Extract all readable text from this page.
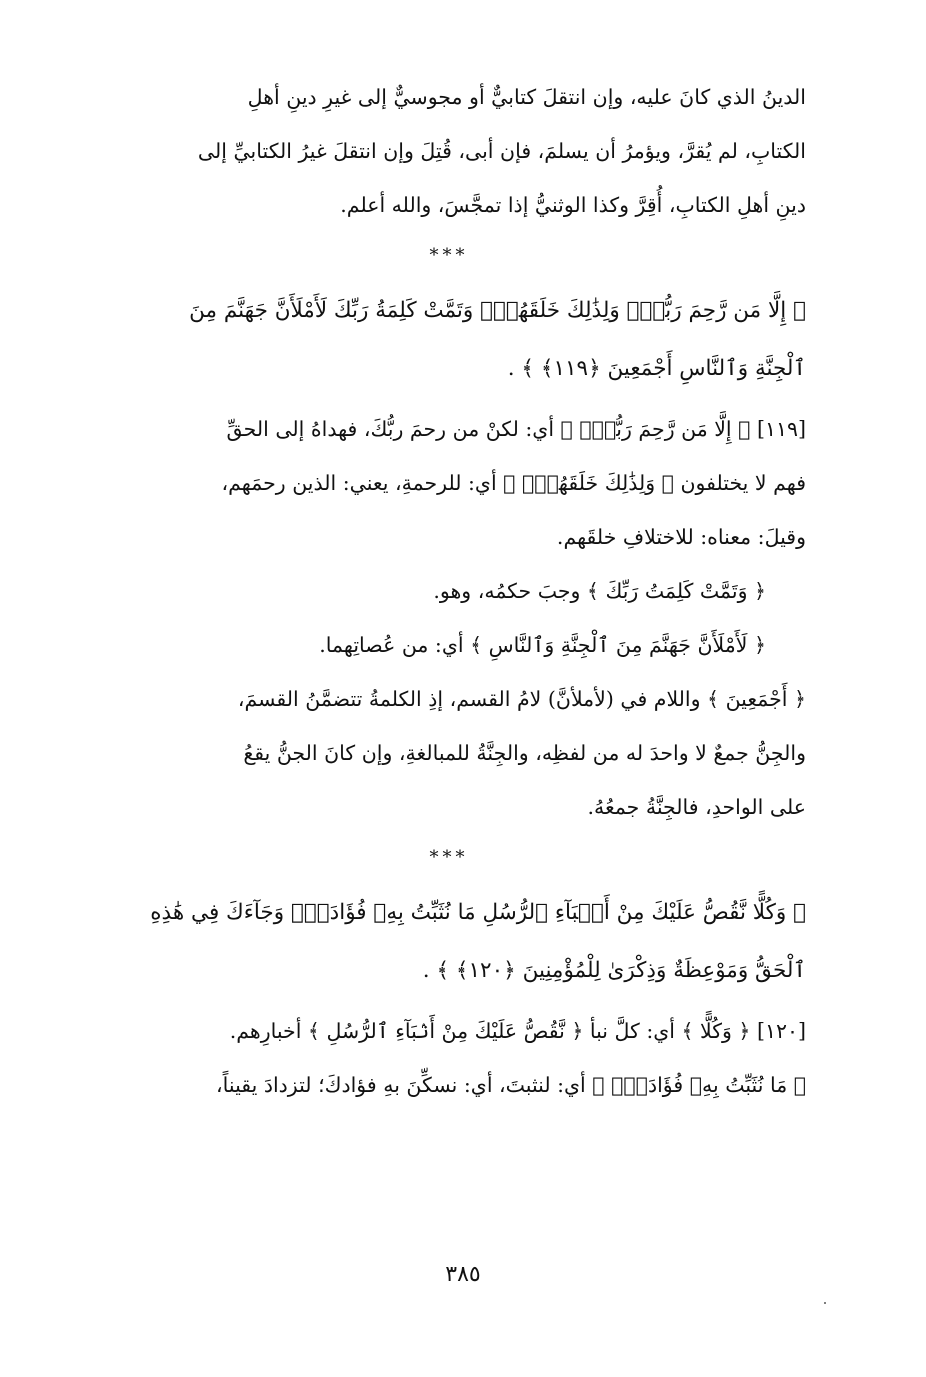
الدينُ الذي كانَ عليه، وإن انتقلَ كتابيٌّ أو مجوسيٌّ إلى غيرِ دينِ أهلِ
الكتابِ، لم يُقرَّ، ويؤمرُ أن يسلمَ، فإن أبى، قُتِلَ وإن انتقلَ غيرُ الكتابيِّ إلى
دينِ أهلِ الكتابِ، أُقِرَّ وكذا الوثنيُّ إذا تمجَّسَ، والله أعلم.

***

﴿ إِلَّا مَن رَّحِمَ رَبُّكَۚ وَلِذَٰلِكَ خَلَقَهُمْۗ وَتَمَّتْ كَلِمَةُ رَبِّكَ لَأَمْلَأَنَّ جَهَنَّمَ مِنَ
ٱلْجِنَّةِ وَٱلنَّاسِ أَجْمَعِينَ ﴿١١٩﴾ ﴾ .

[١١٩] ﴿ إِلَّا مَن رَّحِمَ رَبُّكَۚ ﴾ أي: لكنْ من رحمَ ربُّكَ، فهداهُ إلى الحقِّ
فهم لا يختلفون ﴿ وَلِذَٰلِكَ خَلَقَهُمْۗ ﴾ أي: للرحمةِ، يعني: الذين رحمَهم،
وقيلَ: معناه: للاختلافِ خلقَهم.

﴿ وَتَمَّتْ كَلِمَتُ رَبِّكَ ﴾ وجبَ حكمُه، وهو.

﴿ لَأَمْلَأَنَّ جَهَنَّمَ مِنَ ٱلْجِنَّةِ وَٱلنَّاسِ ﴾ أي: من عُصاتِهما.

﴿ أَجْمَعِينَ ﴾ واللام في (لأملأنَّ) لامُ القسم، إذِ الكلمةُ تتضمَّنُ القسمَ،
والجِنُّ جمعٌ لا واحدَ له من لفظِه، والجِنَّةُ للمبالغةِ، وإن كانَ الجنُّ يقعُ
على الواحدِ، فالجِنَّةُ جمعُهُ.

***

﴿ وَكُلًّا نَّقُصُّ عَلَيْكَ مِنْ أَنۢبَآءِ ٱلرُّسُلِ مَا نُثَبِّتُ بِهِۦ فُؤَادَكَۚ وَجَآءَكَ فِي هَٰذِهِ
ٱلْحَقُّ وَمَوْعِظَةٌ وَذِكْرَىٰ لِلْمُؤْمِنِينَ ﴿١٢٠﴾ ﴾ .

[١٢٠] ﴿ وَكُلًّا ﴾ أي: كلَّ نبأ ﴿ نَّقُصُّ عَلَيْكَ مِنْ أَنۢبَآءِ ٱلرُّسُلِ ﴾ أخبارِهم.
﴿ مَا نُثَبِّتُ بِهِۦ فُؤَادَكَۚ ﴾ أي: لنثبتَ، أي: نسكِّنَ بهِ فؤادكَ؛ لتزدادَ يقيناً،

٣٨٥
